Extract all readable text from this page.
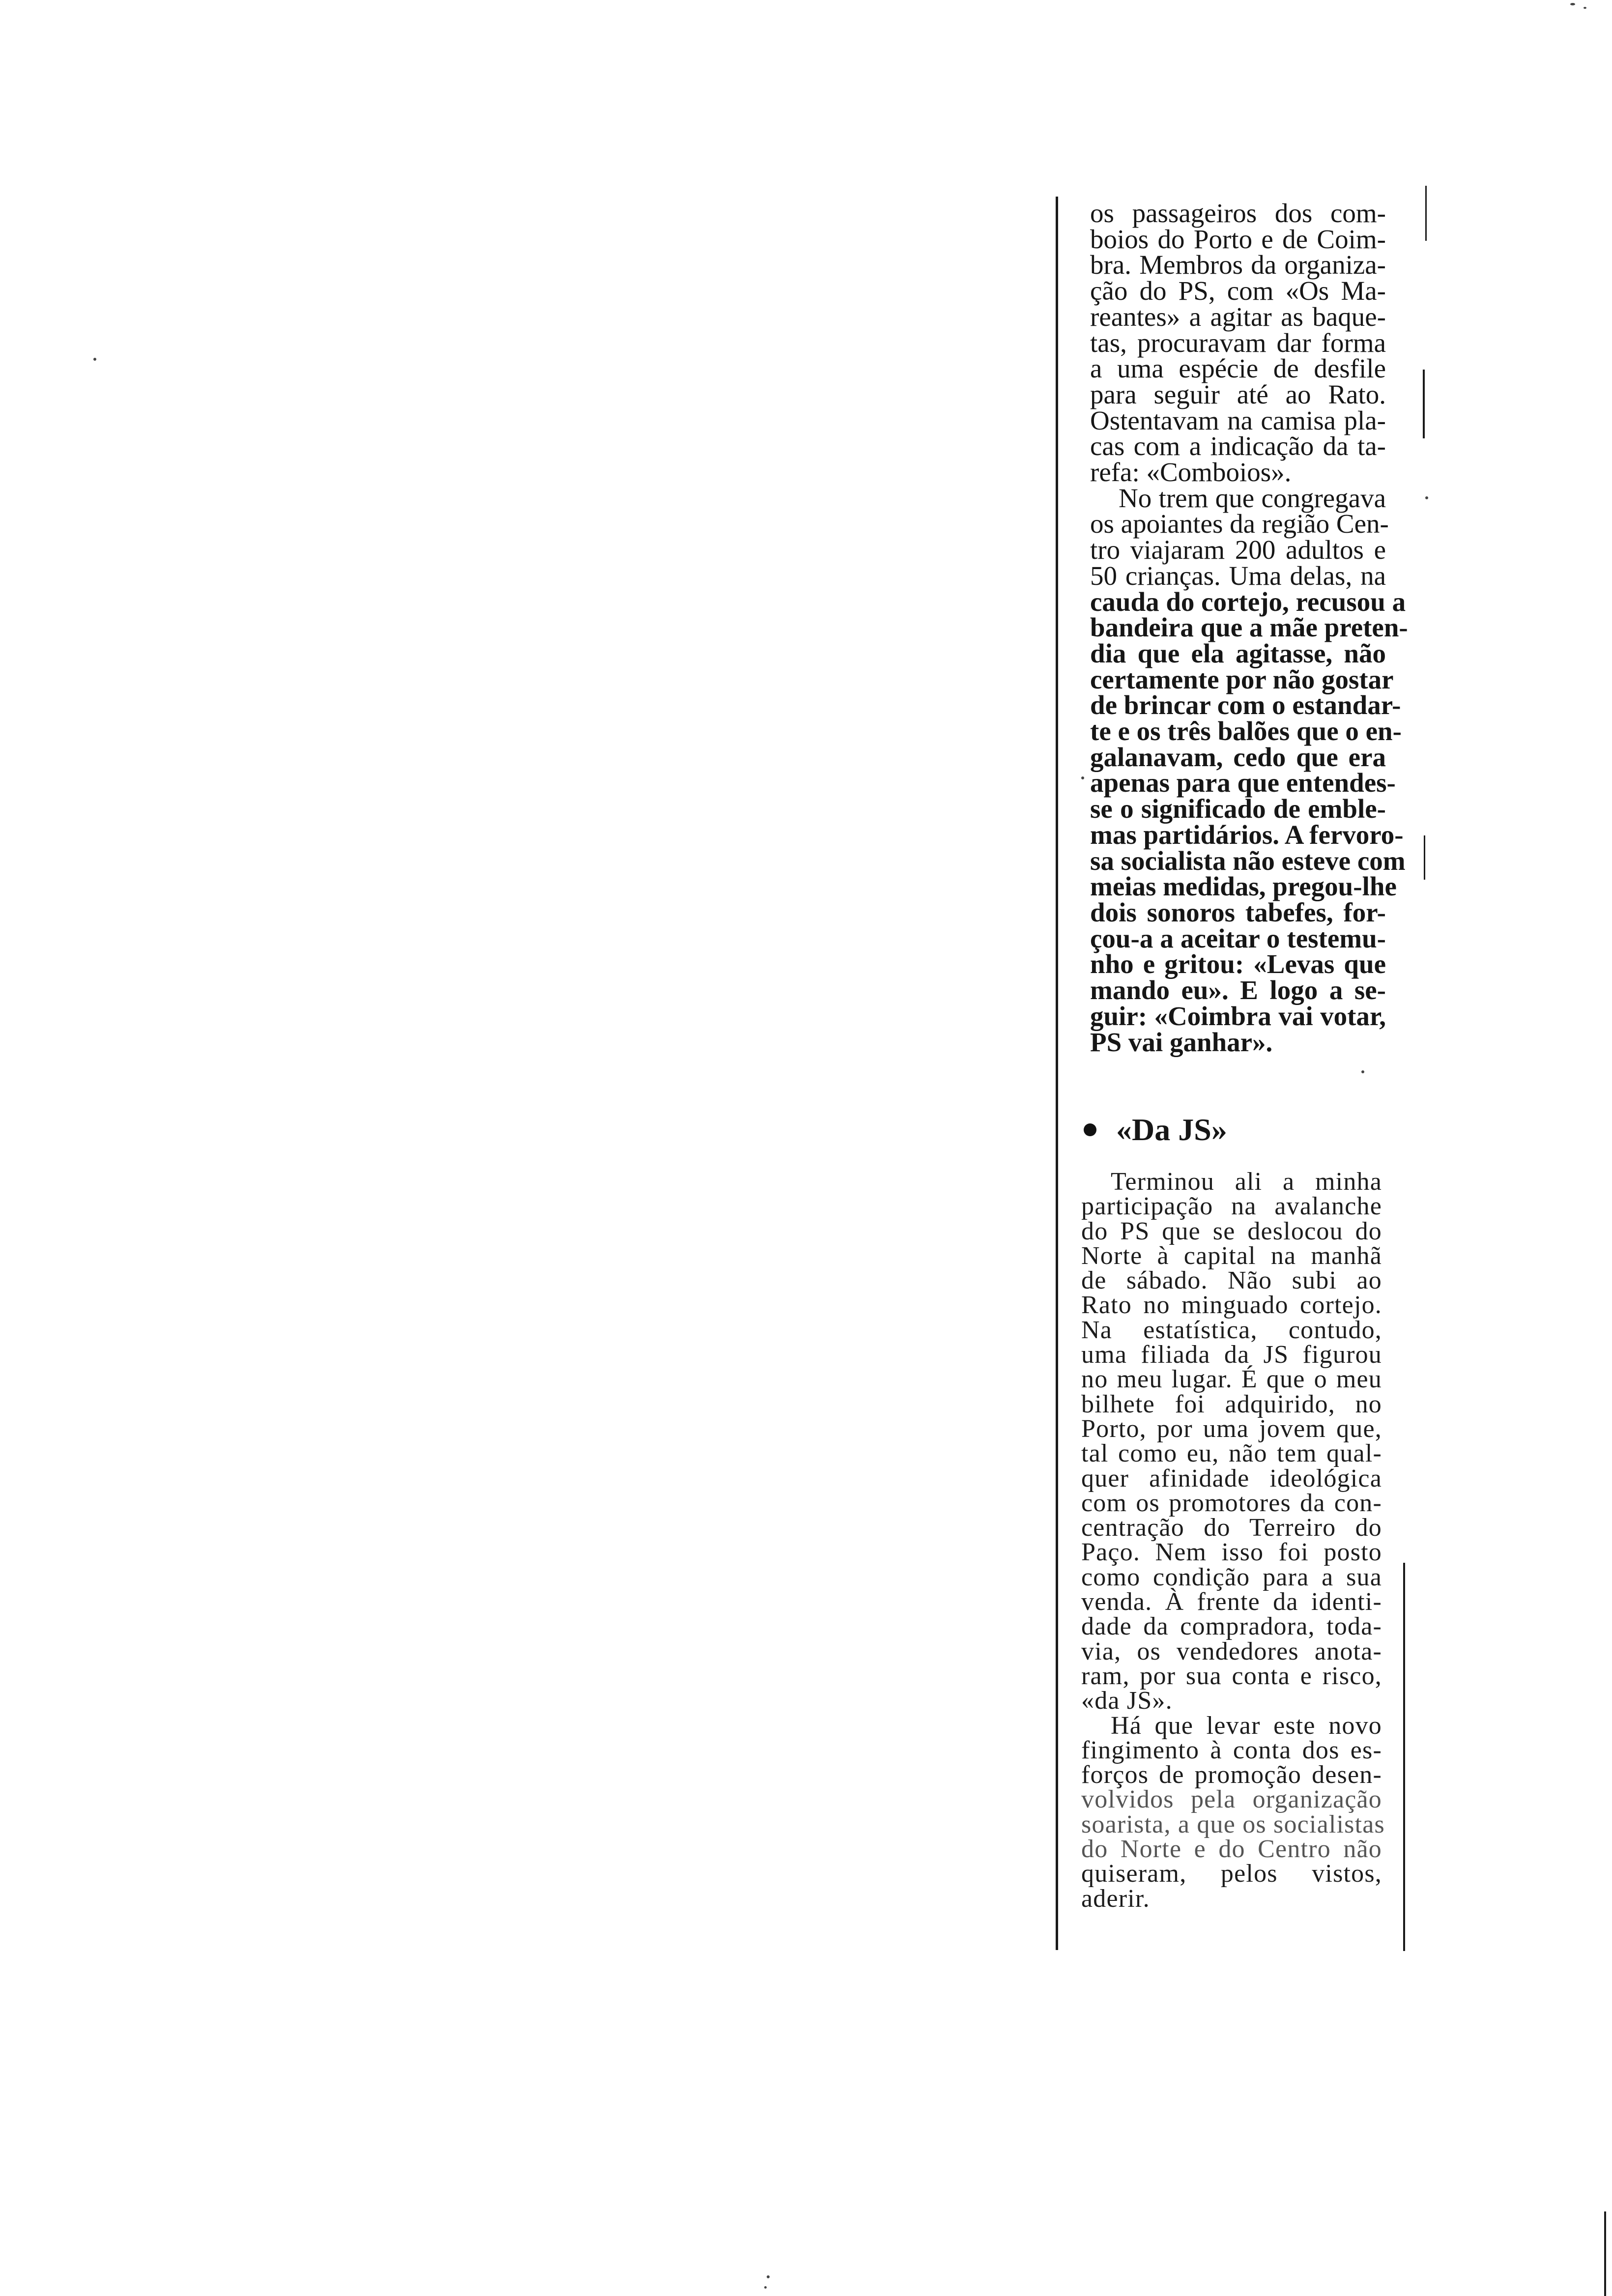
os passageiros dos com-
boios do Porto e de Coim-
bra. Membros da organiza-
ção do PS, com «Os Ma-
reantes» a agitar as baque-
tas, procuravam dar forma
a uma espécie de desfile
para seguir até ao Rato.
Ostentavam na camisa pla-
cas com a indicação da ta-
refa: «Comboios».

No trem que congregava
os apoiantes da região Cen-
tro viajaram 200 adultos e
50 crianças. Uma delas, na
cauda do cortejo, recusou a
bandeira que a mãe preten-
dia que ela agitasse, não
certamente por não gostar
de brincar com o estandar-
te e os três balões que o en-
galanavam, cedo que era
apenas para que entendes-
se o significado de emble-
mas partidários. A fervoro-
sa socialista não esteve com
meias medidas, pregou-lhe
dois sonoros tabefes, for-
çou-a a aceitar o testemu-
nho e gritou: «Levas que
mando eu». E logo a se-
guir: «Coimbra vai votar,
PS vai ganhar».

«Da JS»

Terminou ali a minha
participação na avalanche
do PS que se deslocou do
Norte à capital na manhã
de sábado. Não subi ao
Rato no minguado cortejo.
Na estatística, contudo,
uma filiada da JS figurou
no meu lugar. É que o meu
bilhete foi adquirido, no
Porto, por uma jovem que,
tal como eu, não tem qual-
quer afinidade ideológica
com os promotores da con-
centração do Terreiro do
Paço. Nem isso foi posto
como condição para a sua
venda. À frente da identi-
dade da compradora, toda-
via, os vendedores anota-
ram, por sua conta e risco,
«da JS».

Há que levar este novo
fingimento à conta dos es-
forços de promoção desen-
volvidos pela organização
soarista, a que os socialistas
do Norte e do Centro não
quiseram, pelos vistos,
aderir.
